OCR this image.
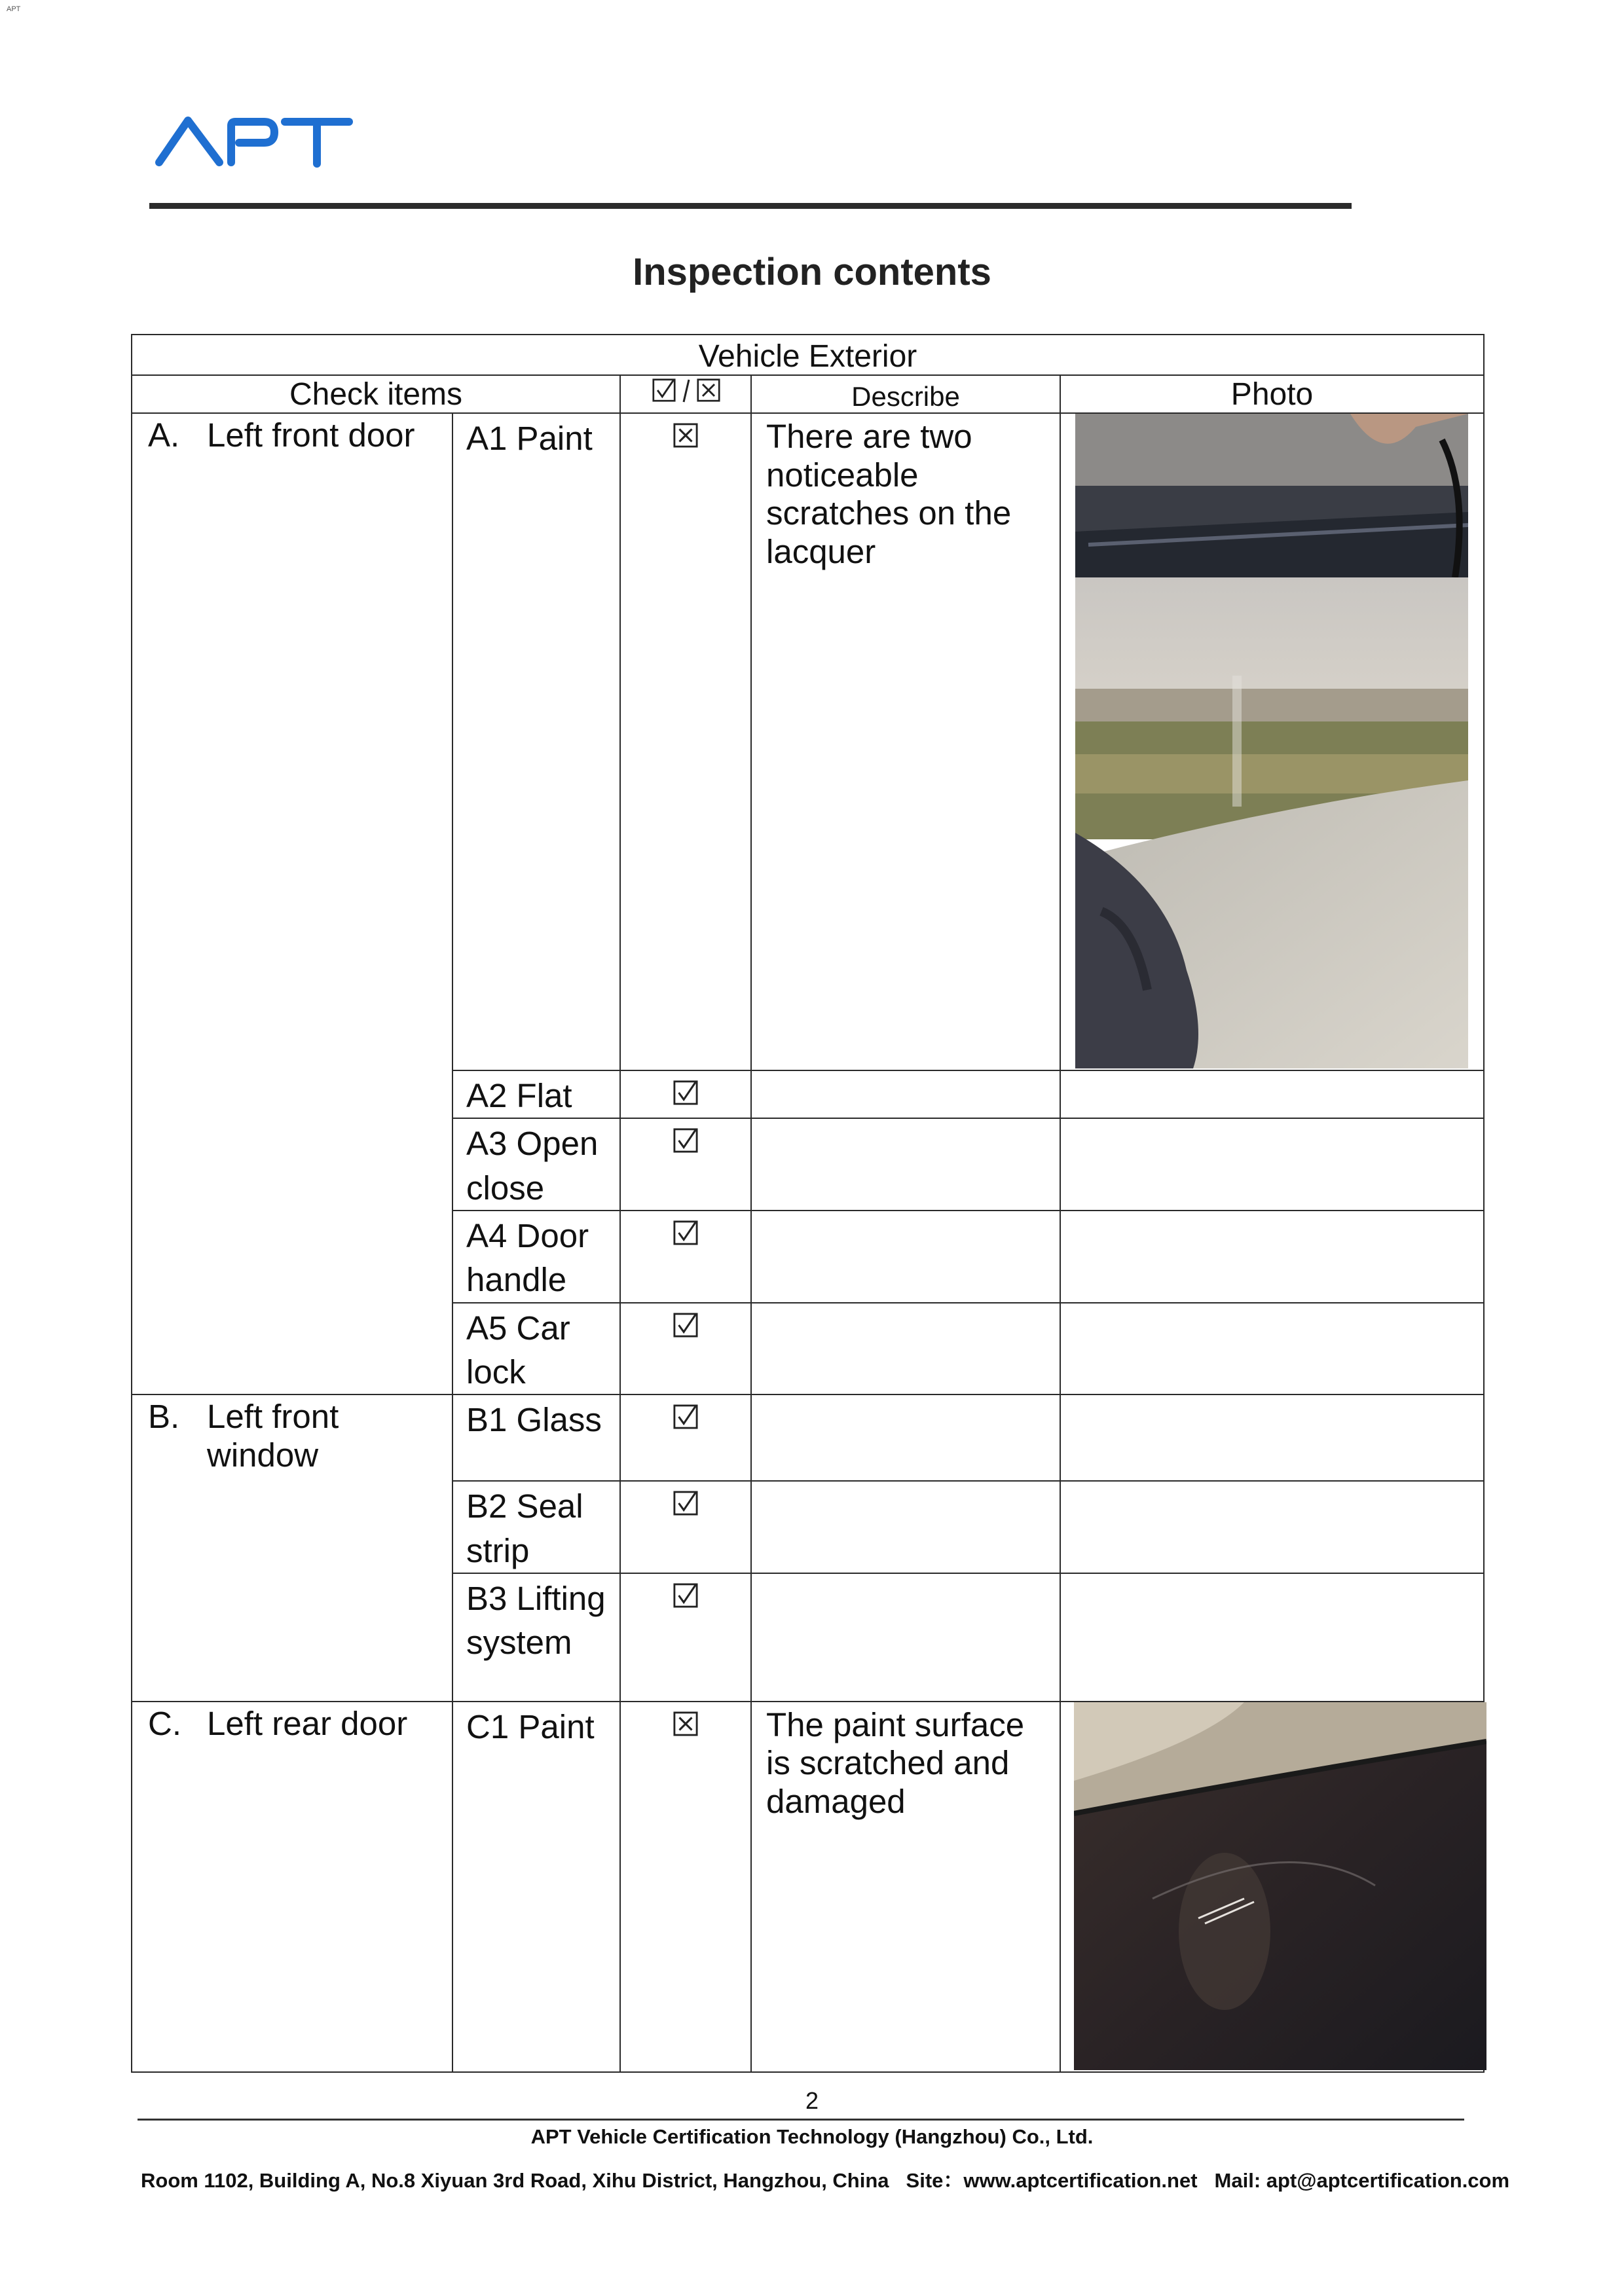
APT
Inspection contents
Vehicle Exterior				
Check items			Describe	Photo
A. Left front door	A1 Paint		There are two noticeable scratches on the lacquer	

	A2 Flat			
	A3 Open close			
	A4 Door handle			
	A5 Car lock			
B. Left front window	B1 Glass			
	B2 Seal strip			
	B3 Lifting system			
C. Left rear door	C1 Paint		The paint surface is scratched and damaged	
2
APT Vehicle Certification Technology (Hangzhou) Co., Ltd.
Room 1102, Building A, No.8 Xiyuan 3rd Road, Xihu District, Hangzhou, China Site：www.aptcertification.net Mail: apt@aptcertification.com
